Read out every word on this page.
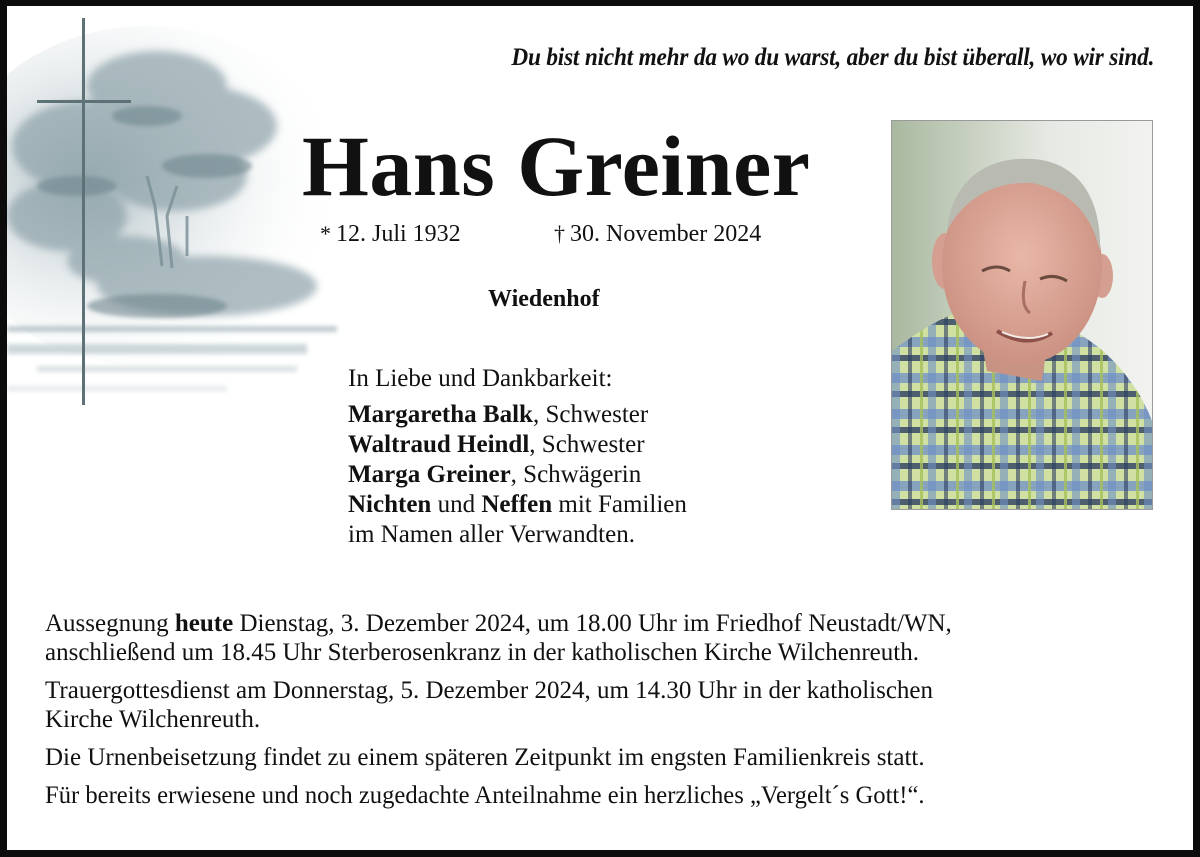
Du bist nicht mehr da wo du warst, aber du bist überall, wo wir sind.
Hans Greiner
* 12. Juli 1932	† 30. November 2024
Wiedenhof
In Liebe und Dankbarkeit:
Margaretha Balk, Schwester
Waltraud Heindl, Schwester
Marga Greiner, Schwägerin
Nichten und Neffen mit Familien
im Namen aller Verwandten.

Aussegnung heute Dienstag, 3. Dezember 2024, um 18.00 Uhr im Friedhof Neustadt/WN,
anschließend um 18.45 Uhr Sterberosenkranz in der katholischen Kirche Wilchenreuth.

Trauergottesdienst am Donnerstag, 5. Dezember 2024, um 14.30 Uhr in der katholischen
Kirche Wilchenreuth.

Die Urnenbeisetzung findet zu einem späteren Zeitpunkt im engsten Familienkreis statt.

Für bereits erwiesene und noch zugedachte Anteilnahme ein herzliches „Vergelt´s Gott!“.
